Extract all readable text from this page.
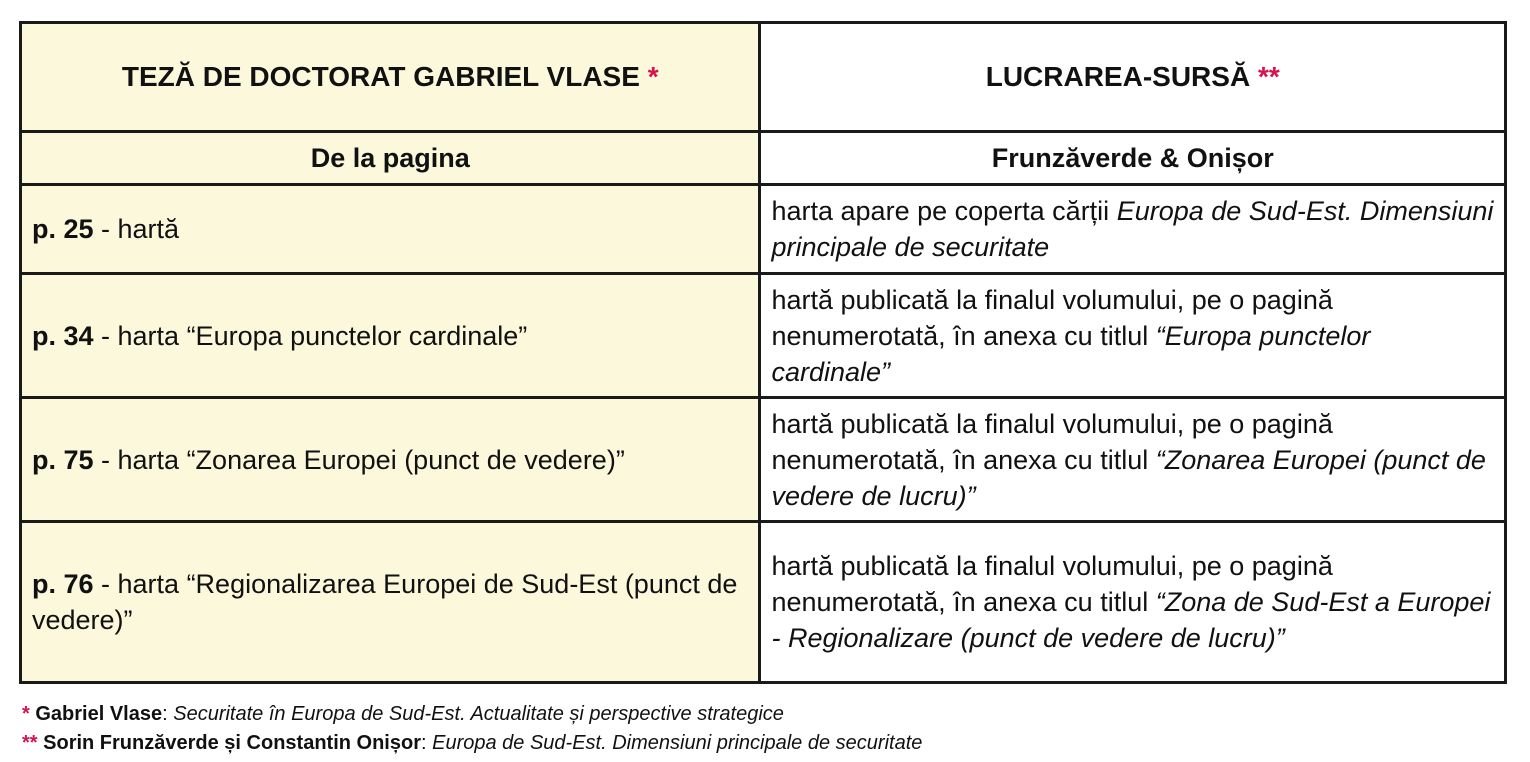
TEZĂ DE DOCTORAT GABRIEL VLASE *	LUCRAREA-SURSĂ **
De la pagina	Frunzăverde & Onișor
p. 25 - hartă	harta apare pe coperta cărții Europa de Sud-Est. Dimensiuni principale de securitate
p. 34 - harta “Europa punctelor cardinale”	hartă publicată la finalul volumului, pe o pagină nenumerotată, în anexa cu titlul “Europa punctelor cardinale”
p. 75 - harta “Zonarea Europei (punct de vedere)”	hartă publicată la finalul volumului, pe o pagină nenumerotată, în anexa cu titlul “Zonarea Europei (punct de vedere de lucru)”
p. 76 - harta “Regionalizarea Europei de Sud-Est (punct de vedere)”	hartă publicată la finalul volumului, pe o pagină nenumerotată, în anexa cu titlul “Zona de Sud-Est a Europei - Regionalizare (punct de vedere de lucru)”
* Gabriel Vlase: Securitate în Europa de Sud-Est. Actualitate și perspective strategice
** Sorin Frunzăverde și Constantin Onișor: Europa de Sud-Est. Dimensiuni principale de securitate
